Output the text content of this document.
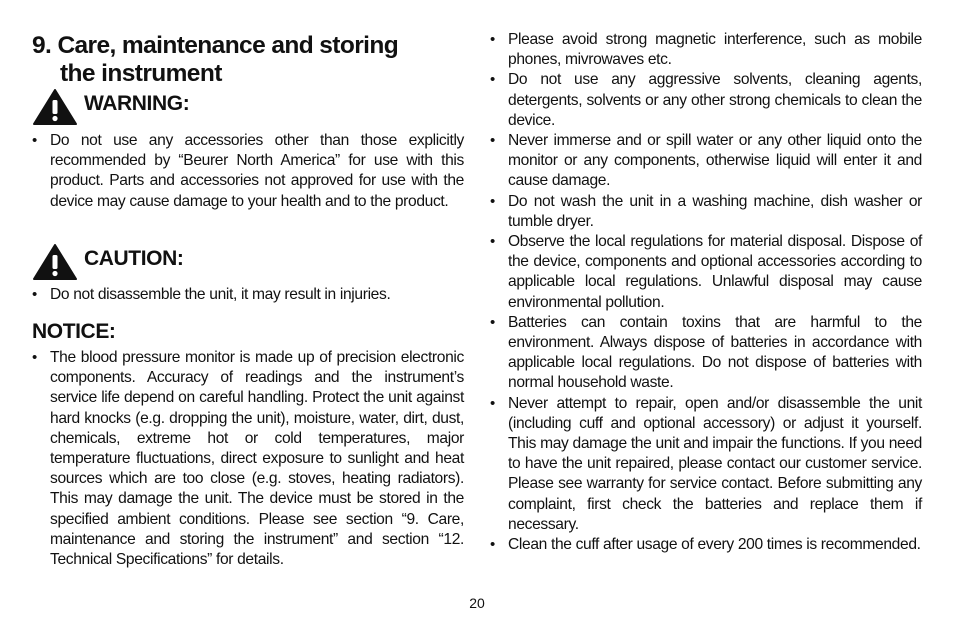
9. Care, maintenance and storing
the instrument
WARNING:
• Do not use any accessories other than those explicitly recommended by “Beurer North America” for use with this product. Parts and accessories not approved for use with the device may cause damage to your health and to the product.
CAUTION:
• Do not disassemble the unit, it may result in injuries.
NOTICE:
• The blood pressure monitor is made up of precision electronic components. Accuracy of readings and the instrument’s service life depend on careful handling. Protect the unit against hard knocks (e.g. dropping the unit), moisture, water, dirt, dust, chemicals, extreme hot or cold temperatures, major temperature fluctuations, direct exposure to sunlight and heat sources which are too close (e.g. stoves, heating radiators). This may damage the unit. The device must be stored in the specified ambient conditions. Please see section “9. Care, maintenance and storing the instrument” and section “12. Technical Specifications” for details.
• Please avoid strong magnetic interference, such as mobile phones, mivrowaves etc.
• Do not use any aggressive solvents, cleaning agents, detergents, solvents or any other strong chemicals to clean the device.
• Never immerse and or spill water or any other liquid onto the monitor or any components, otherwise liquid will enter it and cause damage.
• Do not wash the unit in a washing machine, dish washer or tumble dryer.
• Observe the local regulations for material disposal. Dispose of the device, components and optional accessories according to applicable local regulations. Unlawful disposal may cause environmental pollution.
• Batteries can contain toxins that are harmful to the environment. Always dispose of batteries in accordance with applicable local regulations. Do not dispose of batteries with normal household waste.
• Never attempt to repair, open and/or disassemble the unit (including cuff and optional accessory) or adjust it yourself. This may damage the unit and impair the functions. If you need to have the unit repaired, please contact our customer service. Please see warranty for service contact. Before submitting any complaint, first check the batteries and replace them if necessary.
• Clean the cuff after usage of every 200 times is recommended.
20
